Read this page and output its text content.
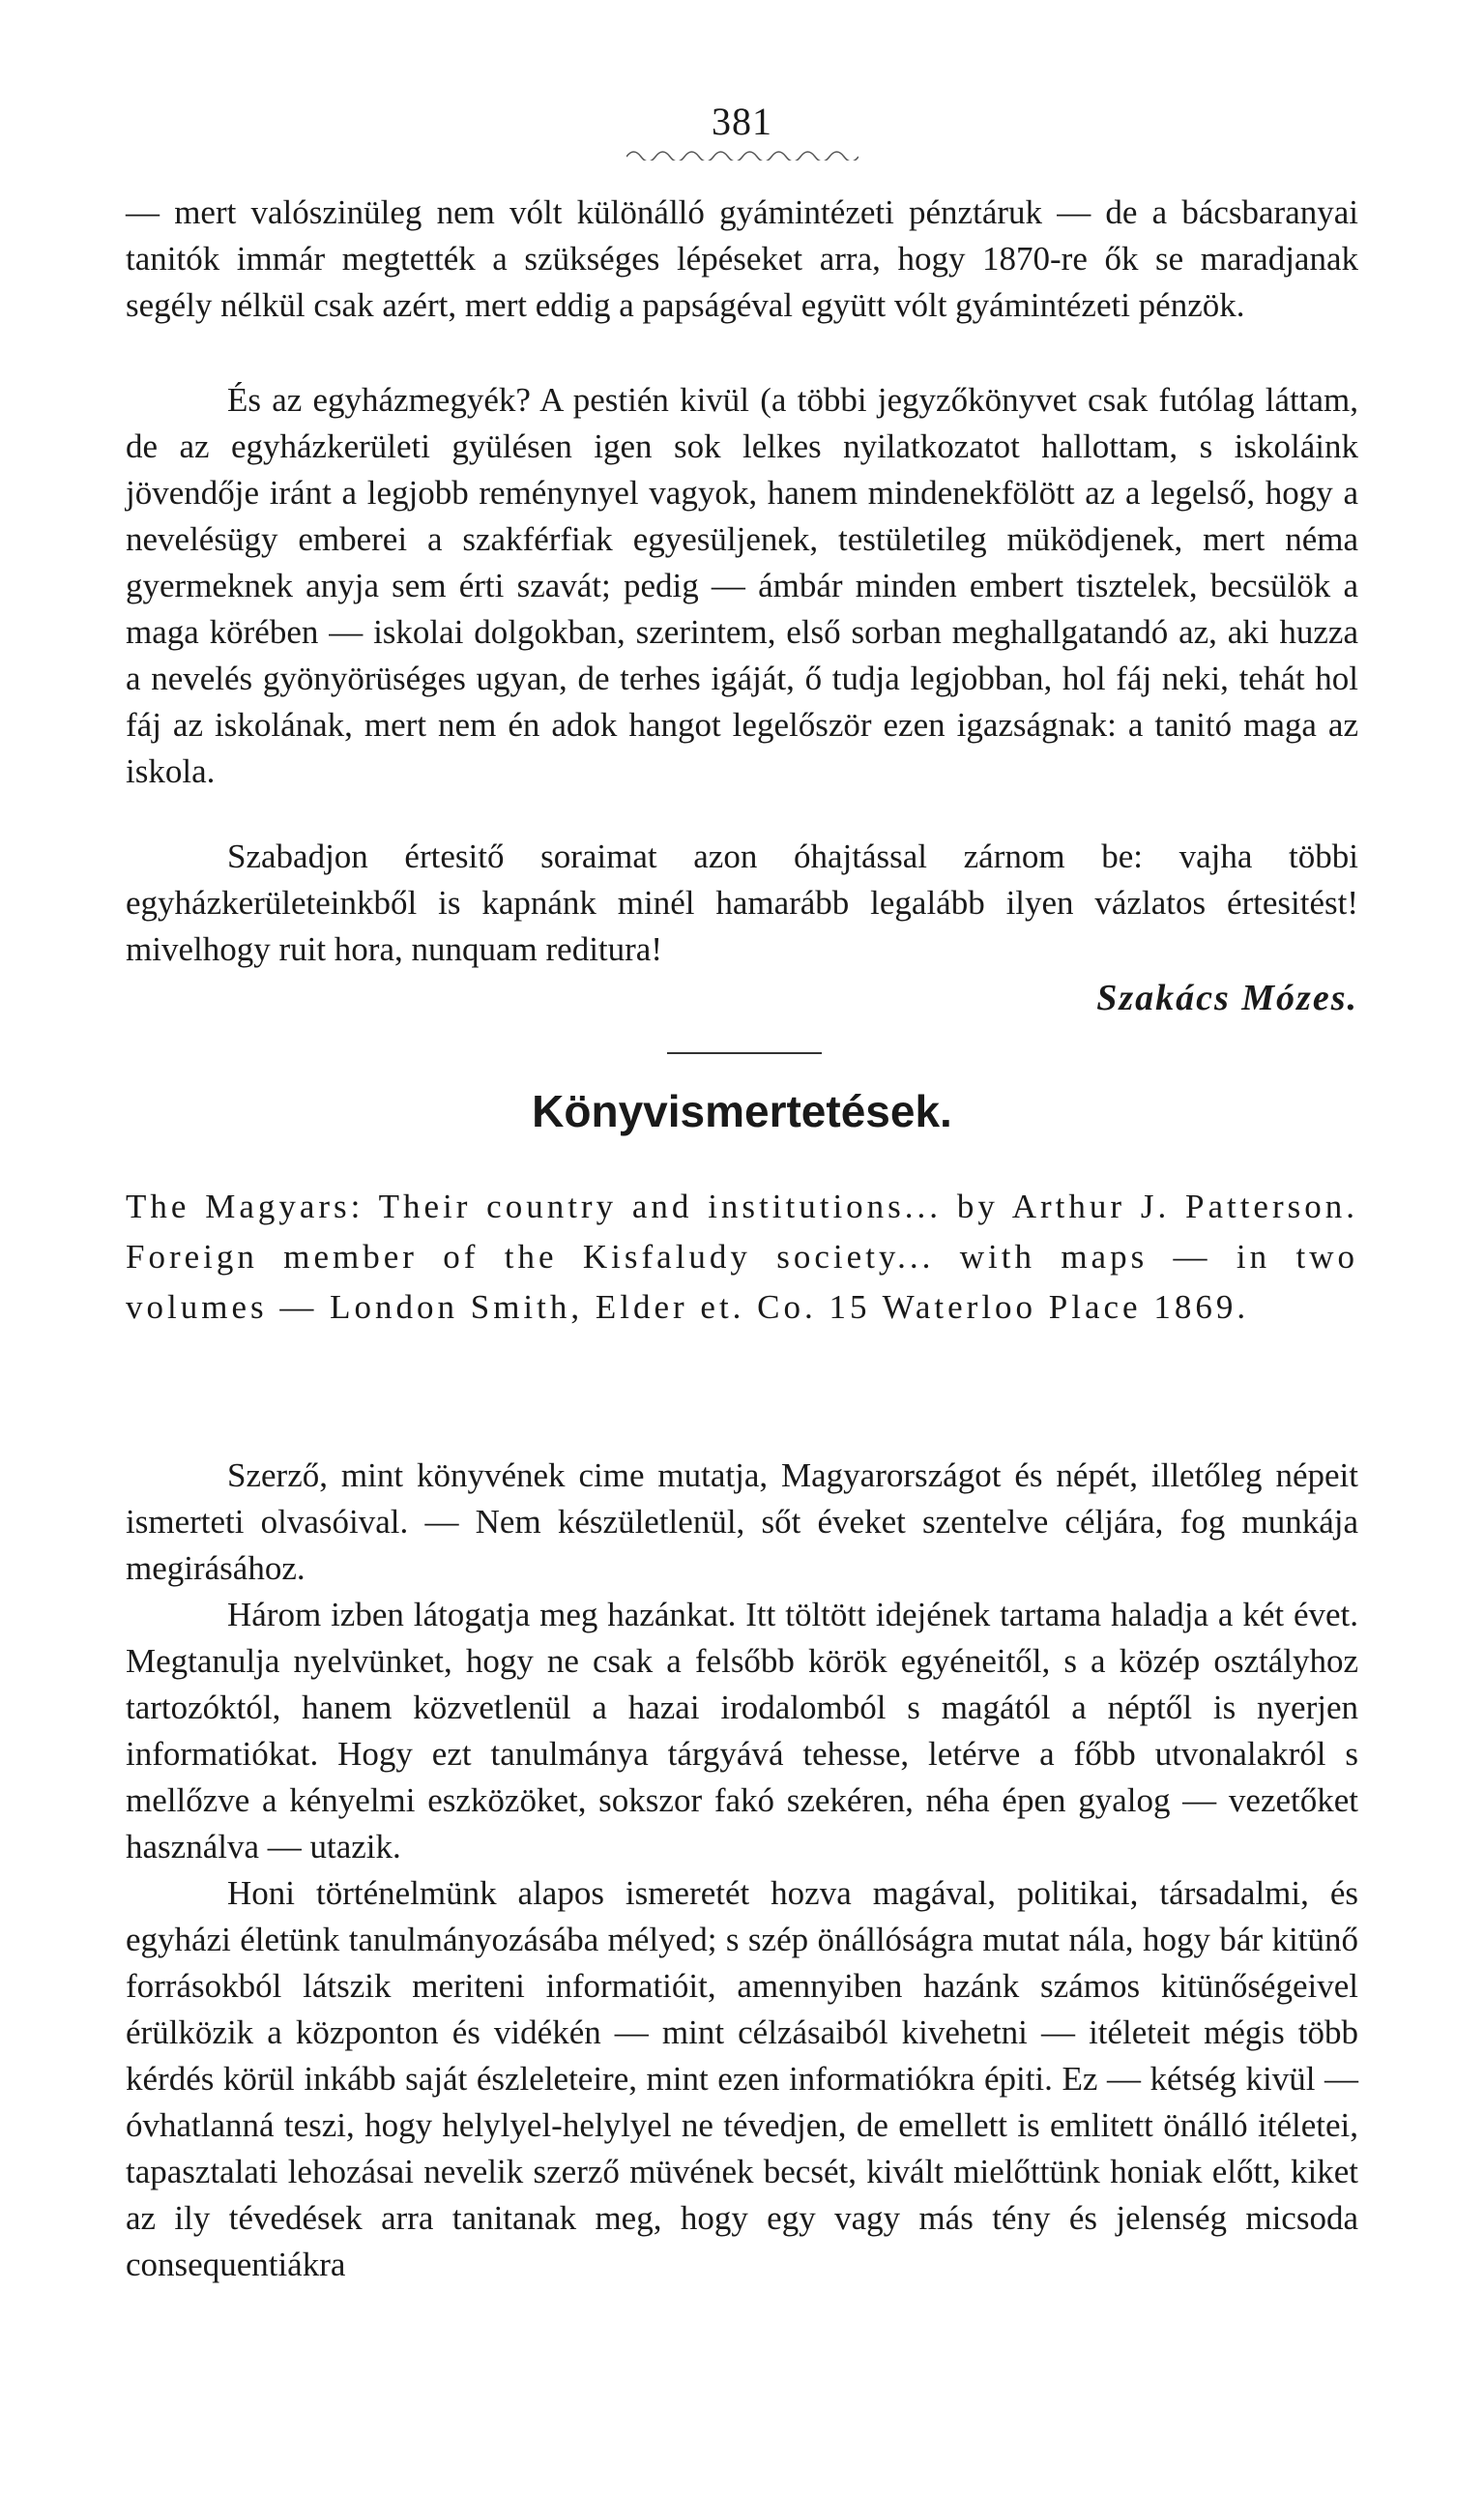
381

— mert valószinüleg nem vólt különálló gyámintézeti pénztáruk — de a bácsbaranyai tanitók immár megtették a szükséges lépéseket arra, hogy 1870-re ők se maradjanak segély nélkül csak azért, mert eddig a papságéval együtt vólt gyámintézeti pénzök.

És az egyházmegyék? A pestién kivül (a többi jegyzőkönyvet csak futólag láttam, de az egyházkerületi gyülésen igen sok lelkes nyilatkozatot hallottam, s iskoláink jövendője iránt a legjobb reménynyel vagyok, hanem mindenekfölött az a legelső, hogy a nevelésügy emberei a szakférfiak egyesüljenek, testületileg müködjenek, mert néma gyermeknek anyja sem érti szavát; pedig — ámbár minden embert tisztelek, becsülök a maga körében — iskolai dolgokban, szerintem, első sorban meghallgatandó az, aki huzza a nevelés gyönyörüséges ugyan, de terhes igáját, ő tudja legjobban, hol fáj neki, tehát hol fáj az iskolának, mert nem én adok hangot legelőször ezen igazságnak: a tanitó maga az iskola.

Szabadjon értesitő soraimat azon óhajtással zárnom be: vajha többi egyházkerületeinkből is kapnánk minél hamarább legalább ilyen vázlatos értesitést! mivelhogy ruit hora, nunquam reditura!

Szakács Mózes.
Könyvismertetések.

The Magyars: Their country and institutions... by Arthur J. Patterson. Foreign member of the Kisfaludy society... with maps — in two volumes — London Smith, Elder et. Co. 15 Waterloo Place 1869.

Szerző, mint könyvének cime mutatja, Magyarországot és népét, illetőleg népeit ismerteti olvasóival. — Nem készületlenül, sőt éveket szentelve céljára, fog munkája megirásához.

Három izben látogatja meg hazánkat. Itt töltött idejének tartama haladja a két évet. Megtanulja nyelvünket, hogy ne csak a felsőbb körök egyéneitől, s a közép osztályhoz tartozóktól, hanem közvetlenül a hazai irodalomból s magától a néptől is nyerjen informatiókat. Hogy ezt tanulmánya tárgyává tehesse, letérve a főbb utvonalakról s mellőzve a kényelmi eszközöket, sokszor fakó szekéren, néha épen gyalog — vezetőket használva — utazik.

Honi történelmünk alapos ismeretét hozva magával, politikai, társadalmi, és egyházi életünk tanulmányozásába mélyed; s szép önállóságra mutat nála, hogy bár kitünő forrásokból látszik meriteni informatióit, amennyiben hazánk számos kitünőségeivel érülközik a központon és vidékén — mint célzásaiból kivehetni — itéleteit mégis több kérdés körül inkább saját észleleteire, mint ezen informatiókra épiti. Ez — kétség kivül — óvhatlanná teszi, hogy helylyel-helylyel ne tévedjen, de emellett is emlitett önálló itéletei, tapasztalati lehozásai nevelik szerző müvének becsét, kivált mielőttünk honiak előtt, kiket az ily tévedések arra tanitanak meg, hogy egy vagy más tény és jelenség micsoda consequentiákra
